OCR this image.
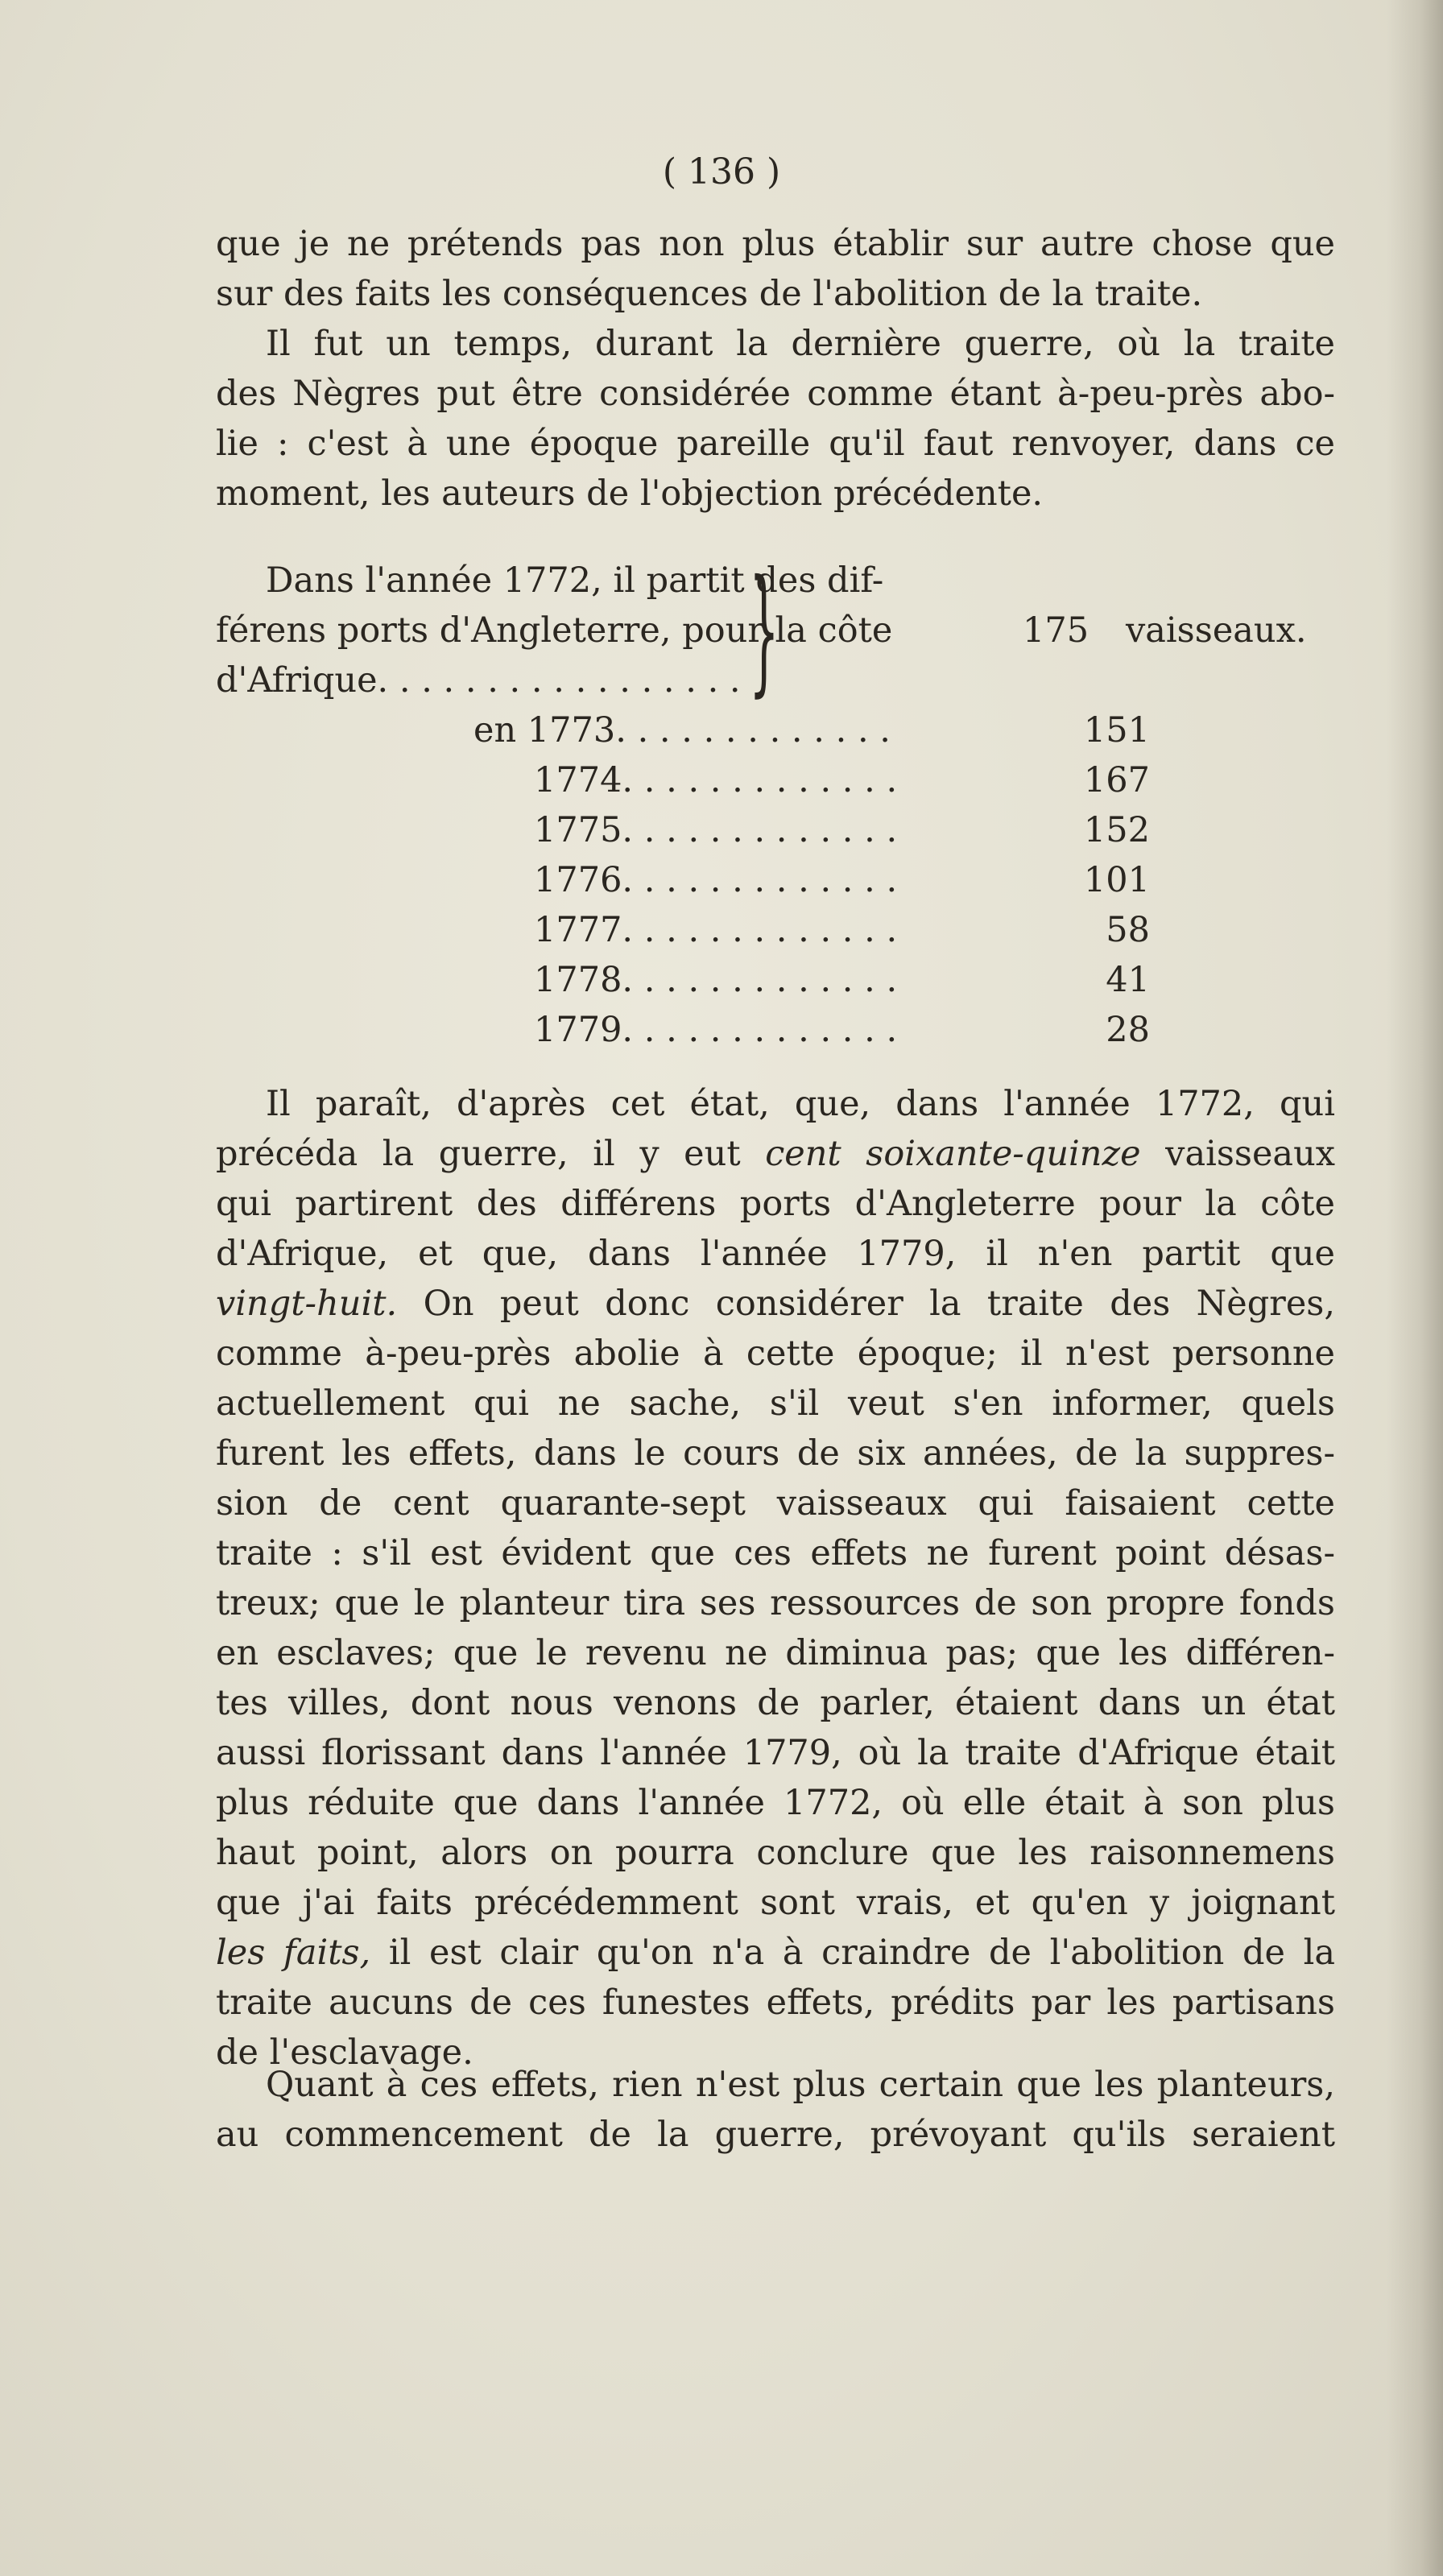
( 136 )
que je ne prétends pas non plus établir sur autre chose que
sur des faits les conséquences de l'abolition de la traite.
Il fut un temps, durant la dernière guerre, où la traite
des Nègres put être considérée comme étant à-peu-près abo-
lie : c'est à une époque pareille qu'il faut renvoyer, dans ce
moment, les auteurs de l'objection précédente.
Dans l'année 1772, il partit des dif-
férens ports d'Angleterre, pour la côte	175 vaisseaux.
d'Afrique. . . . . . . . . . . . . . . . .
en 1773. . . . . . . . . . . . .	151
1774. . . . . . . . . . . . .	167
1775. . . . . . . . . . . . .	152
1776. . . . . . . . . . . . .	101
1777. . . . . . . . . . . . .	58
1778. . . . . . . . . . . . .	41
1779. . . . . . . . . . . . .	28
}
Il paraît, d'après cet état, que, dans l'année 1772, qui
précéda la guerre, il y eut cent soixante-quinze vaisseaux
qui partirent des différens ports d'Angleterre pour la côte
d'Afrique, et que, dans l'année 1779, il n'en partit que
vingt-huit. On peut donc considérer la traite des Nègres,
comme à-peu-près abolie à cette époque; il n'est personne
actuellement qui ne sache, s'il veut s'en informer, quels
furent les effets, dans le cours de six années, de la suppres-
sion de cent quarante-sept vaisseaux qui faisaient cette
traite : s'il est évident que ces effets ne furent point désas-
treux; que le planteur tira ses ressources de son propre fonds
en esclaves; que le revenu ne diminua pas; que les différen-
tes villes, dont nous venons de parler, étaient dans un état
aussi florissant dans l'année 1779, où la traite d'Afrique était
plus réduite que dans l'année 1772, où elle était à son plus
haut point, alors on pourra conclure que les raisonnemens
que j'ai faits précédemment sont vrais, et qu'en y joignant
les faits, il est clair qu'on n'a à craindre de l'abolition de la
traite aucuns de ces funestes effets, prédits par les partisans
de l'esclavage.
Quant à ces effets, rien n'est plus certain que les planteurs,
au commencement de la guerre, prévoyant qu'ils seraient
